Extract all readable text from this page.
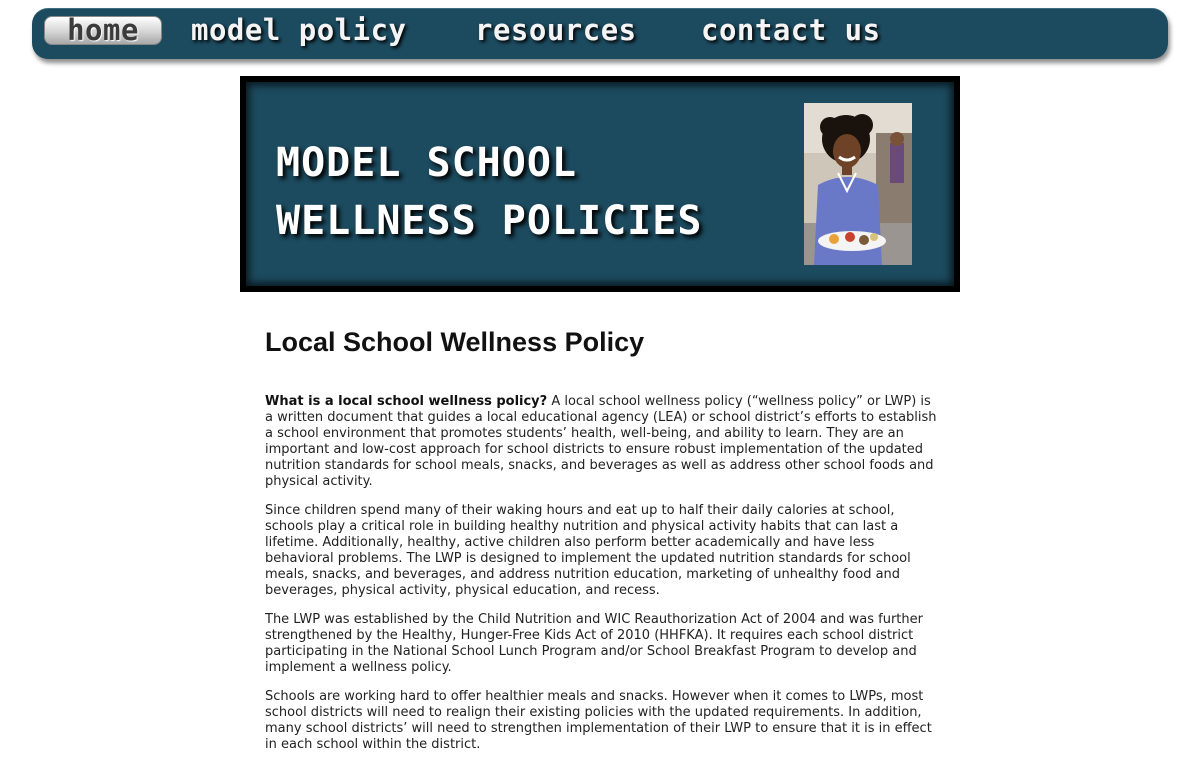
home	model policy resources contact us
MODEL SCHOOL
WELLNESS POLICIES
Local School Wellness Policy

What is a local school wellness policy? A local school wellness policy (“wellness policy” or LWP) is a written document that guides a local educational agency (LEA) or school district’s efforts to establish a school environment that promotes students’ health, well-being, and ability to learn. They are an important and low-cost approach for school districts to ensure robust implementation of the updated nutrition standards for school meals, snacks, and beverages as well as address other school foods and physical activity.

Since children spend many of their waking hours and eat up to half their daily calories at school, schools play a critical role in building healthy nutrition and physical activity habits that can last a lifetime. Additionally, healthy, active children also perform better academically and have less behavioral problems. The LWP is designed to implement the updated nutrition standards for school meals, snacks, and beverages, and address nutrition education, marketing of unhealthy food and beverages, physical activity, physical education, and recess.

The LWP was established by the Child Nutrition and WIC Reauthorization Act of 2004 and was further strengthened by the Healthy, Hunger-Free Kids Act of 2010 (HHFKA). It requires each school district participating in the National School Lunch Program and/or School Breakfast Program to develop and implement a wellness policy.

Schools are working hard to offer healthier meals and snacks. However when it comes to LWPs, most school districts will need to realign their existing policies with the updated requirements. In addition, many school districts’ will need to strengthen implementation of their LWP to ensure that it is in effect in each school within the district.
